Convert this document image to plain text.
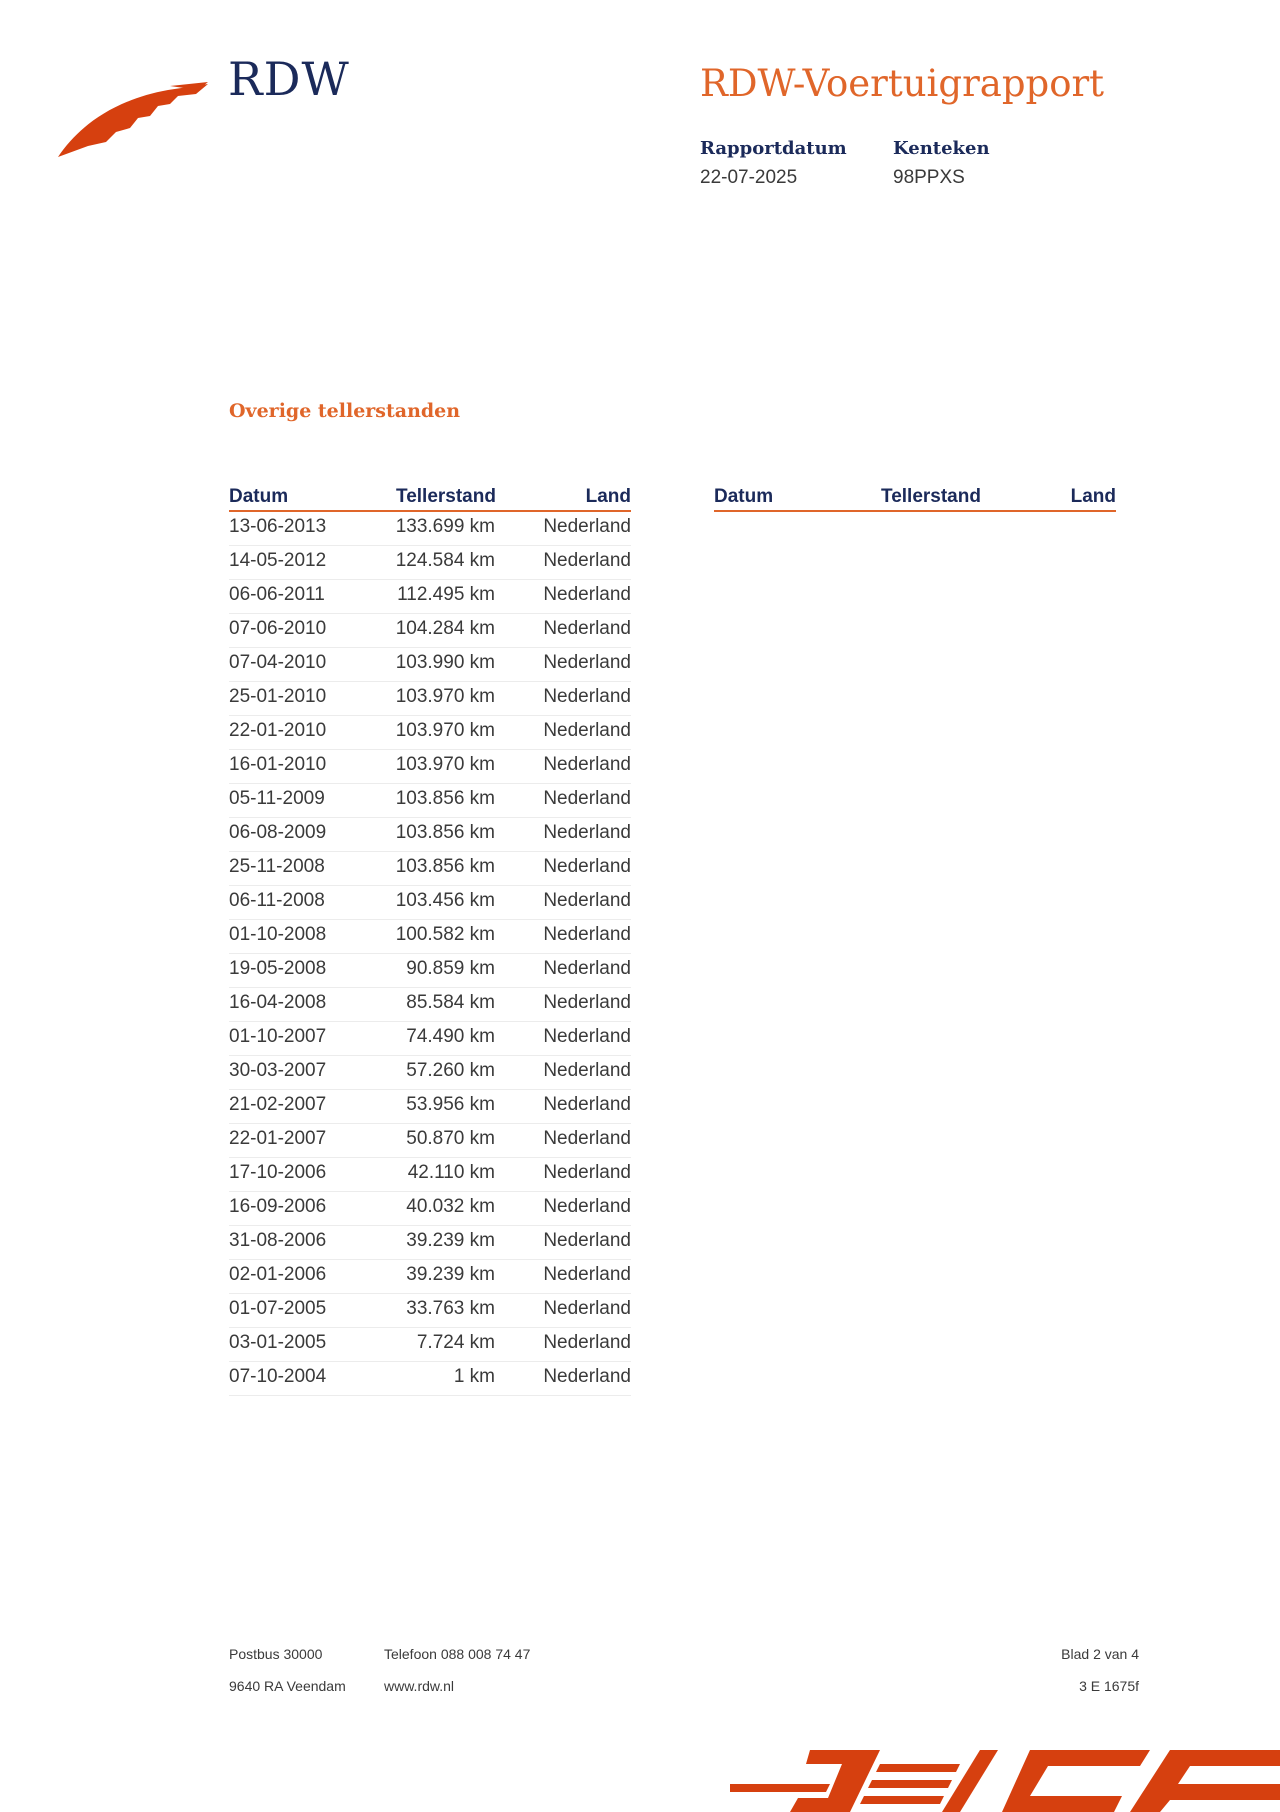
RDW	RDW-Voertuigrapport
Rapportdatum
22-07-2025
Kenteken
98PPXS
Overige tellerstanden
Datum	Tellerstand	Land
13-06-2013	133.699 km	Nederland
14-05-2012	124.584 km	Nederland
06-06-2011	112.495 km	Nederland
07-06-2010	104.284 km	Nederland
07-04-2010	103.990 km	Nederland
25-01-2010	103.970 km	Nederland
22-01-2010	103.970 km	Nederland
16-01-2010	103.970 km	Nederland
05-11-2009	103.856 km	Nederland
06-08-2009	103.856 km	Nederland
25-11-2008	103.856 km	Nederland
06-11-2008	103.456 km	Nederland
01-10-2008	100.582 km	Nederland
19-05-2008	90.859 km	Nederland
16-04-2008	85.584 km	Nederland
01-10-2007	74.490 km	Nederland
30-03-2007	57.260 km	Nederland
21-02-2007	53.956 km	Nederland
22-01-2007	50.870 km	Nederland
17-10-2006	42.110 km	Nederland
16-09-2006	40.032 km	Nederland
31-08-2006	39.239 km	Nederland
02-01-2006	39.239 km	Nederland
01-07-2005	33.763 km	Nederland
03-01-2005	7.724 km	Nederland
07-10-2004	1 km	Nederland
Datum	Tellerstand	Land
Postbus 30000
9640 RA Veendam
Telefoon 088 008 74 47
www.rdw.nl
Blad 2 van 4
3 E 1675f
